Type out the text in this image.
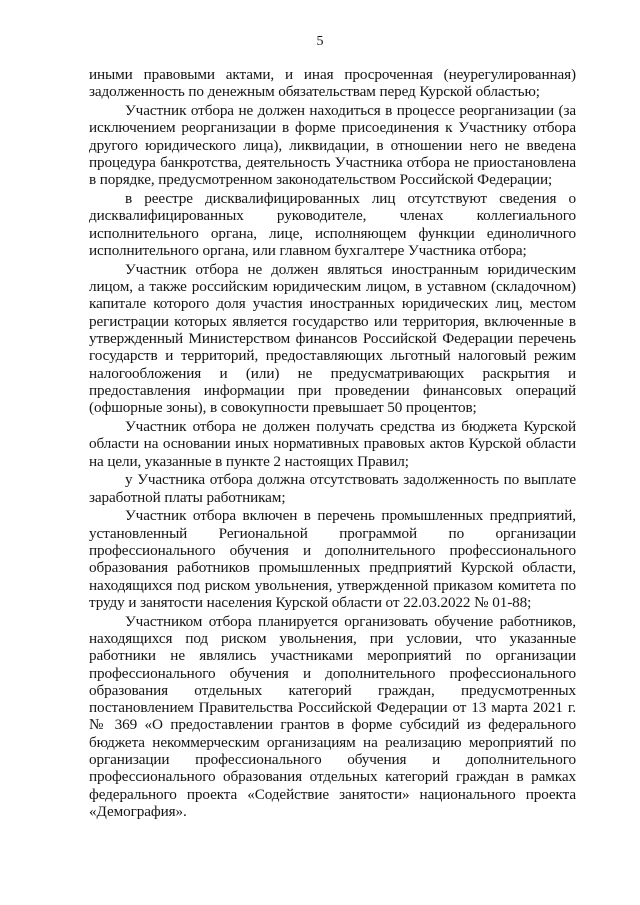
5

иными правовыми актами, и иная просроченная (неурегулированная) задолженность по денежным обязательствам перед Курской областью;

Участник отбора не должен находиться в процессе реорганизации (за исключением реорганизации в форме присоединения к Участнику отбора другого юридического лица), ликвидации, в отношении него не введена процедура банкротства, деятельность Участника отбора не приостановлена в порядке, предусмотренном законодательством Российской Федерации;

в реестре дисквалифицированных лиц отсутствуют сведения о дисквалифицированных руководителе, членах коллегиального исполнительного органа, лице, исполняющем функции единоличного исполнительного органа, или главном бухгалтере Участника отбора;

Участник отбора не должен являться иностранным юридическим лицом, а также российским юридическим лицом, в уставном (складочном) капитале которого доля участия иностранных юридических лиц, местом регистрации которых является государство или территория, включенные в утвержденный Министерством финансов Российской Федерации перечень государств и территорий, предоставляющих льготный налоговый режим налогообложения и (или) не предусматривающих раскрытия и предоставления информации при проведении финансовых операций (офшорные зоны), в совокупности превышает 50 процентов;

Участник отбора не должен получать средства из бюджета Курской области на основании иных нормативных правовых актов Курской области на цели, указанные в пункте 2 настоящих Правил;

у Участника отбора должна отсутствовать задолженность по выплате заработной платы работникам;

Участник отбора включен в перечень промышленных предприятий, установленный Региональной программой по организации профессионального обучения и дополнительного профессионального образования работников промышленных предприятий Курской области, находящихся под риском увольнения, утвержденной приказом комитета по труду и занятости населения Курской области от 22.03.2022 № 01-88;

Участником отбора планируется организовать обучение работников, находящихся под риском увольнения, при условии, что указанные работники не являлись участниками мероприятий по организации профессионального обучения и дополнительного профессионального образования отдельных категорий граждан, предусмотренных постановлением Правительства Российской Федерации от 13 марта 2021 г. № 369 «О предоставлении грантов в форме субсидий из федерального бюджета некоммерческим организациям на реализацию мероприятий по организации профессионального обучения и дополнительного профессионального образования отдельных категорий граждан в рамках федерального проекта «Содействие занятости» национального проекта «Демография».
